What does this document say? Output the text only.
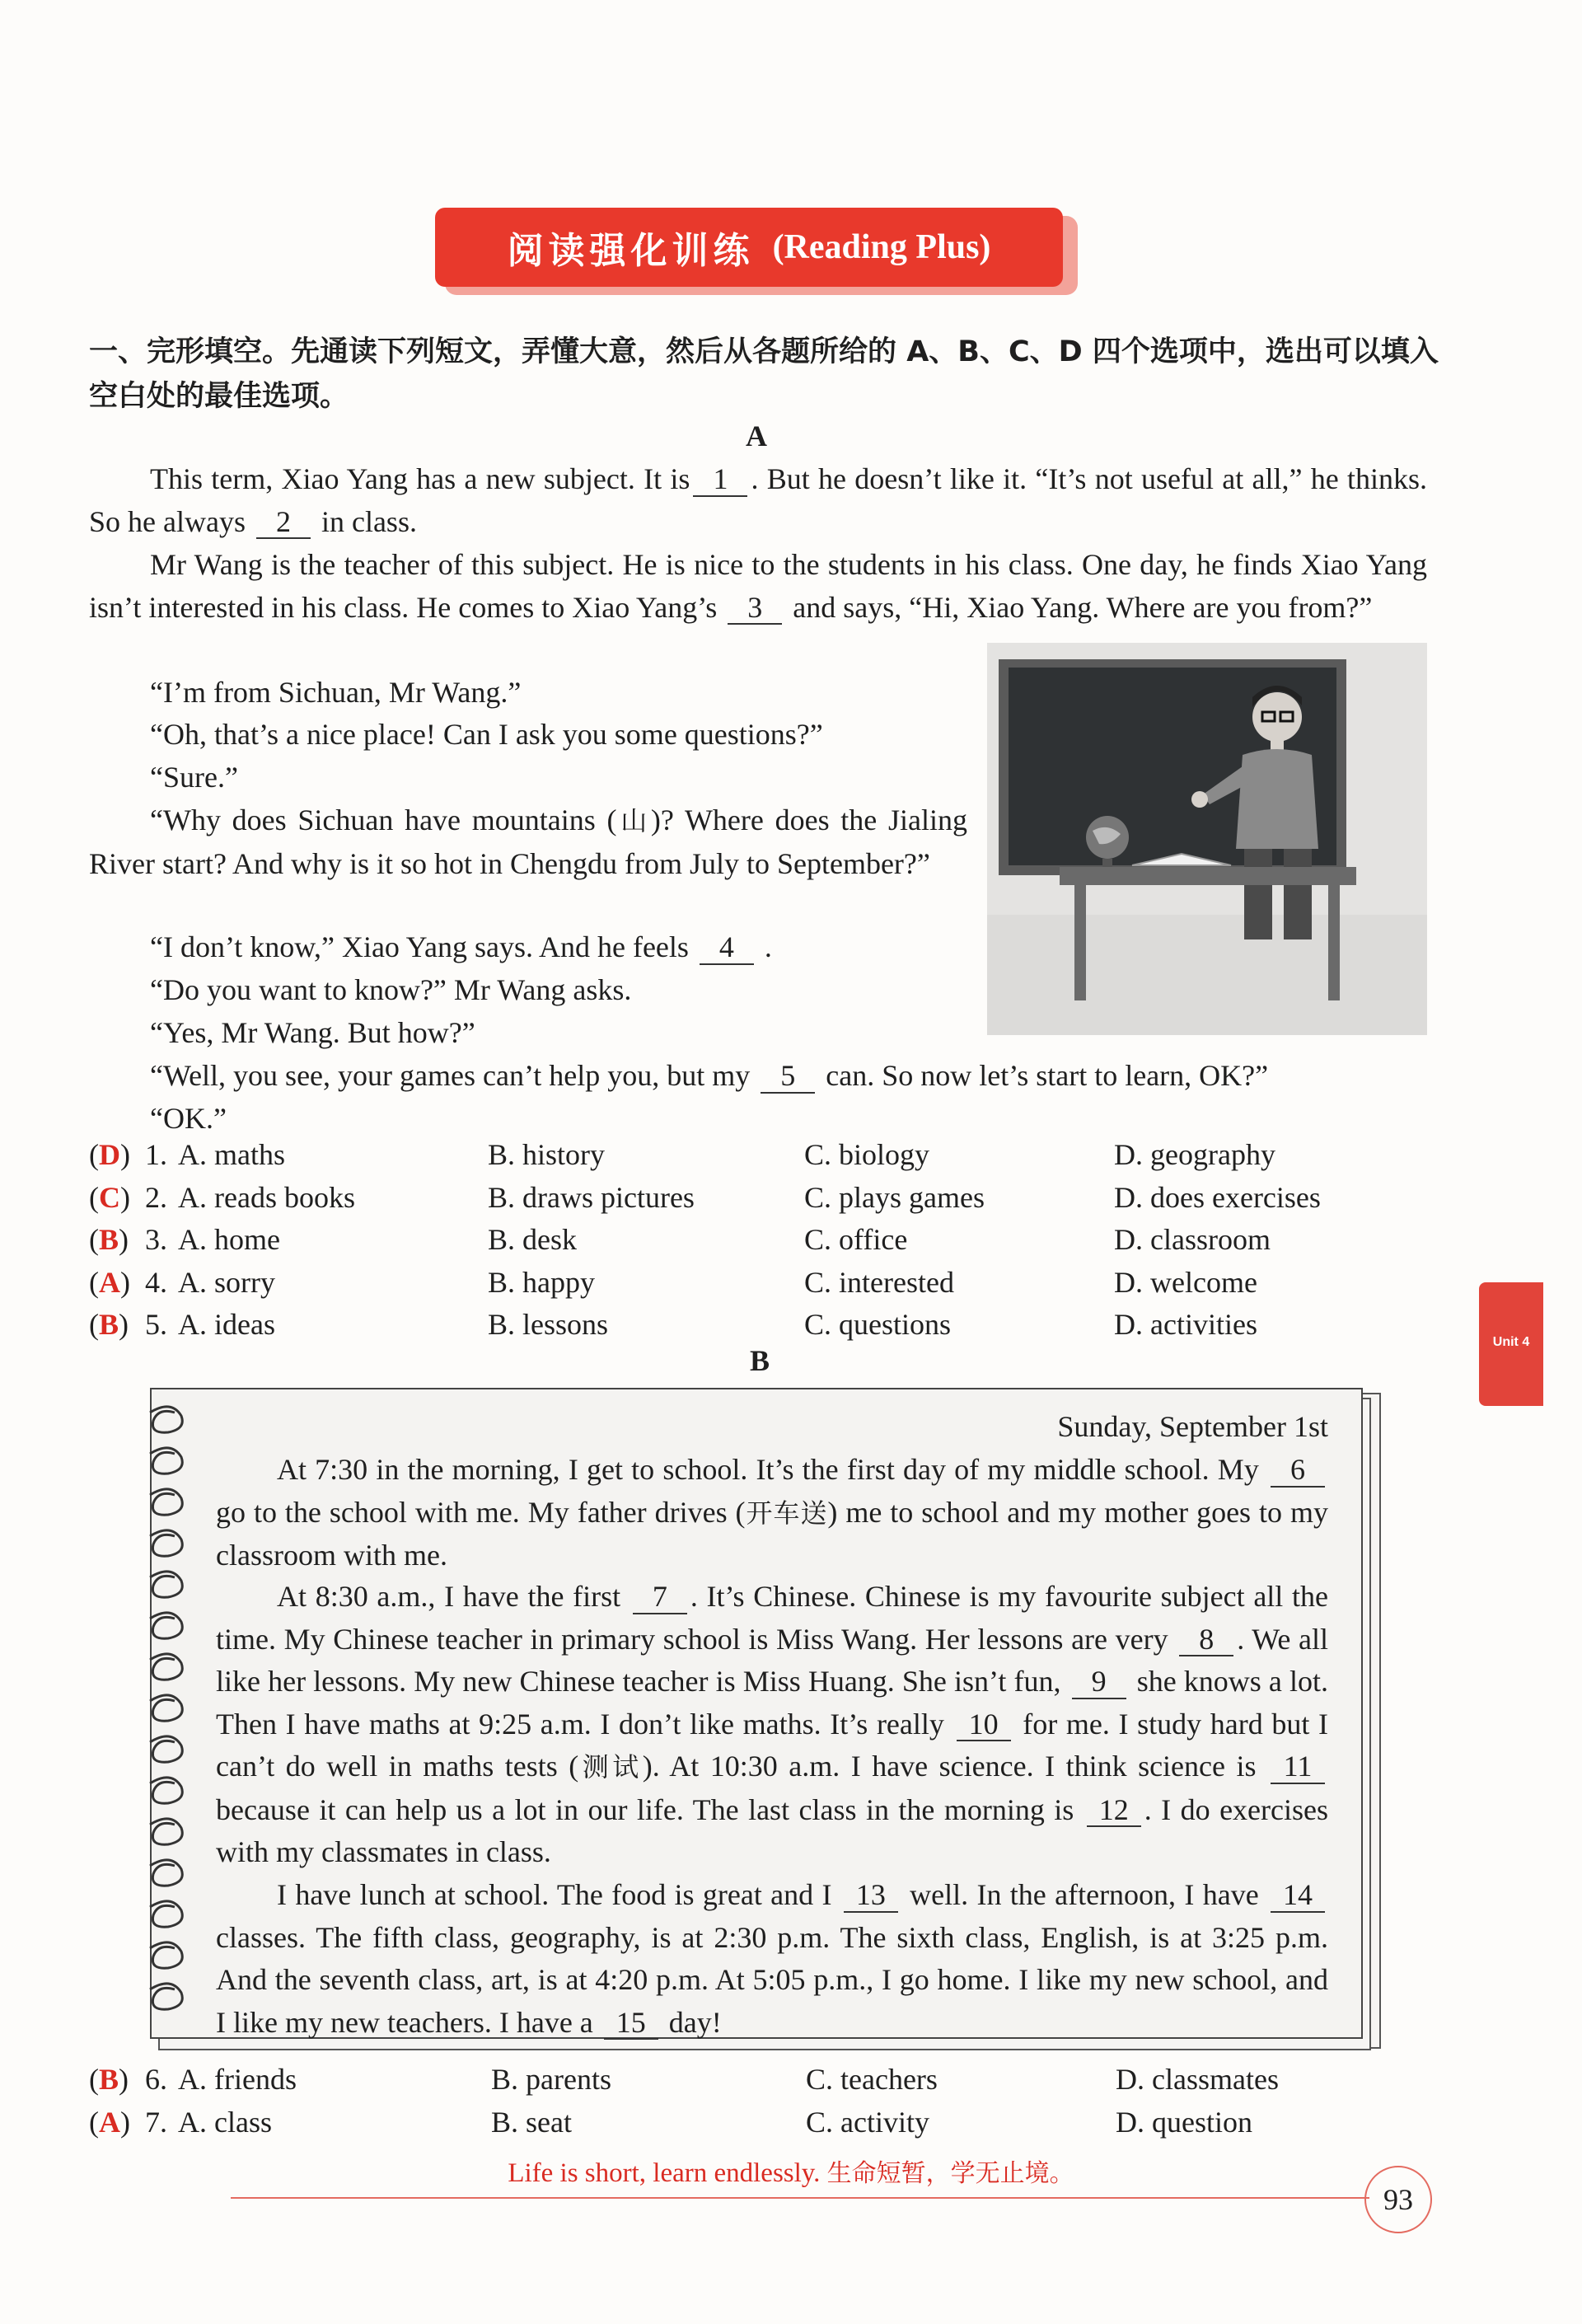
阅读强化训练 (Reading Plus)
一、完形填空。先通读下列短文，弄懂大意，然后从各题所给的 A、B、C、D 四个选项中，选出可以填入空白处的最佳选项。
A
This term, Xiao Yang has a new subject. It is 1 . But he doesn’t like it. “It’s not useful at all,” he thinks. So he always 2 in class.
Mr Wang is the teacher of this subject. He is nice to the students in his class. One day, he finds Xiao Yang isn’t interested in his class. He comes to Xiao Yang’s 3 and says, “Hi, Xiao Yang. Where are you from?”
“I’m from Sichuan, Mr Wang.”
“Oh, that’s a nice place! Can I ask you some questions?”
“Sure.”
“Why does Sichuan have mountains (山)? Where does the Jialing River start? And why is it so hot in Chengdu from July to September?”
“I don’t know,” Xiao Yang says. And he feels 4 .
“Do you want to know?” Mr Wang asks.
“Yes, Mr Wang. But how?”
“Well, you see, your games can’t help you, but my 5 can. So now let’s start to learn, OK?”
“OK.”
(D) 1. A. maths	B. history	C. biology	D. geography
(C) 2. A. reads books	B. draws pictures	C. plays games	D. does exercises
(B) 3. A. home	B. desk	C. office	D. classroom
(A) 4. A. sorry	B. happy	C. interested	D. welcome
(B) 5. A. ideas	B. lessons	C. questions	D. activities
B
Sunday, September 1st
At 7:30 in the morning, I get to school. It’s the first day of my middle school. My 6 go to the school with me. My father drives (开车送) me to school and my mother goes to my classroom with me.
At 8:30 a.m., I have the first 7 . It’s Chinese. Chinese is my favourite subject all the time. My Chinese teacher in primary school is Miss Wang. Her lessons are very 8 . We all like her lessons. My new Chinese teacher is Miss Huang. She isn’t fun, 9 she knows a lot. Then I have maths at 9:25 a.m. I don’t like maths. It’s really 10 for me. I study hard but I can’t do well in maths tests (测试). At 10:30 a.m. I have science. I think science is 11 because it can help us a lot in our life. The last class in the morning is 12 . I do exercises with my classmates in class.
I have lunch at school. The food is great and I 13 well. In the afternoon, I have 14 classes. The fifth class, geography, is at 2:30 p.m. The sixth class, English, is at 3:25 p.m. And the seventh class, art, is at 4:20 p.m. At 5:05 p.m., I go home. I like my new school, and I like my new teachers. I have a 15 day!
(B) 6. A. friends	B. parents	C. teachers	D. classmates
(A) 7. A. class	B. seat	C. activity	D. question
Unit 4
Life is short, learn endlessly. 生命短暂，学无止境。
93
